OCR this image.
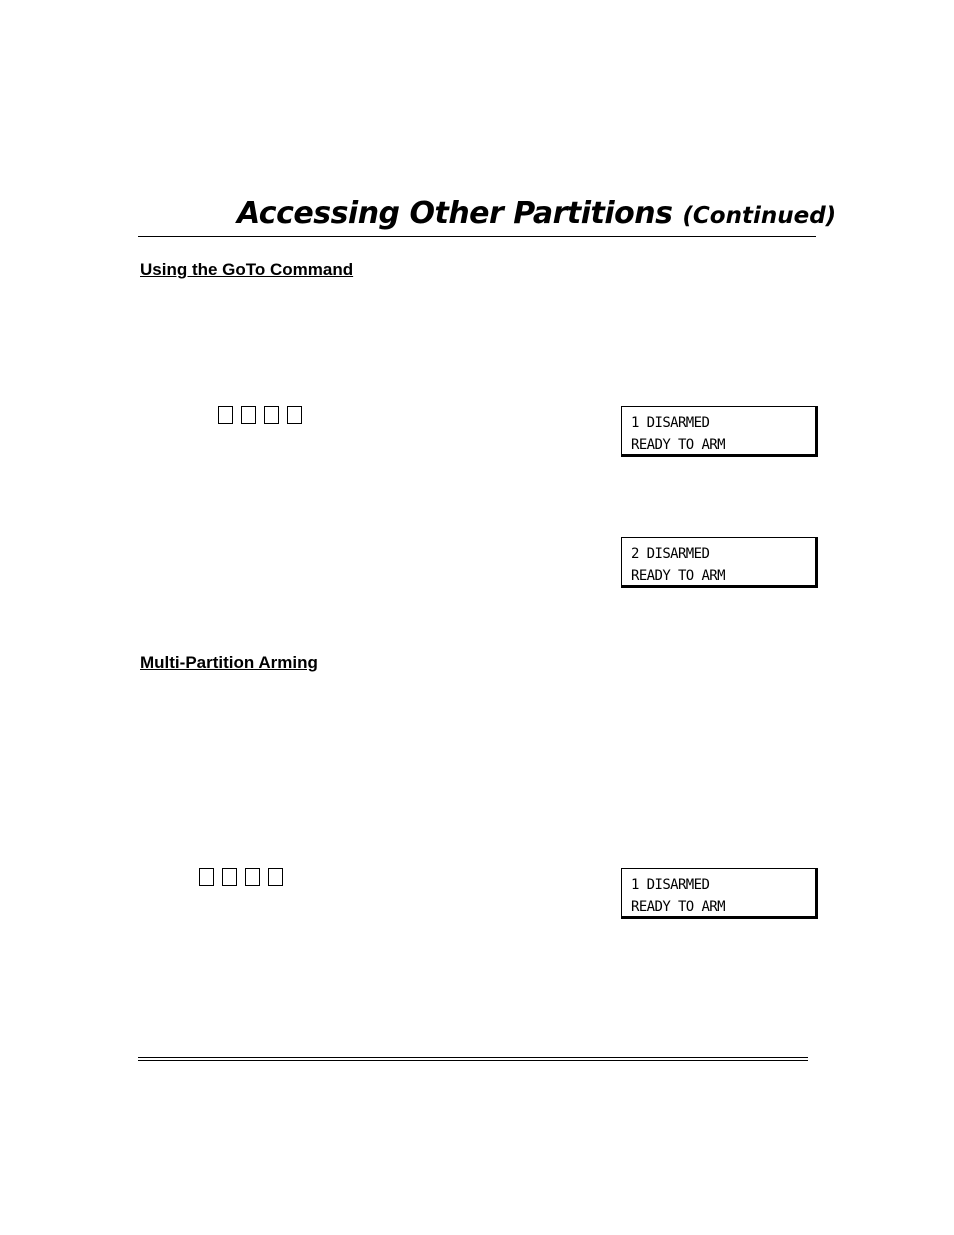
Accessing Other Partitions (Continued)
Using the GoTo Command
1 DISARMED
READY TO ARM
2 DISARMED
READY TO ARM
Multi-Partition Arming
1 DISARMED
READY TO ARM
